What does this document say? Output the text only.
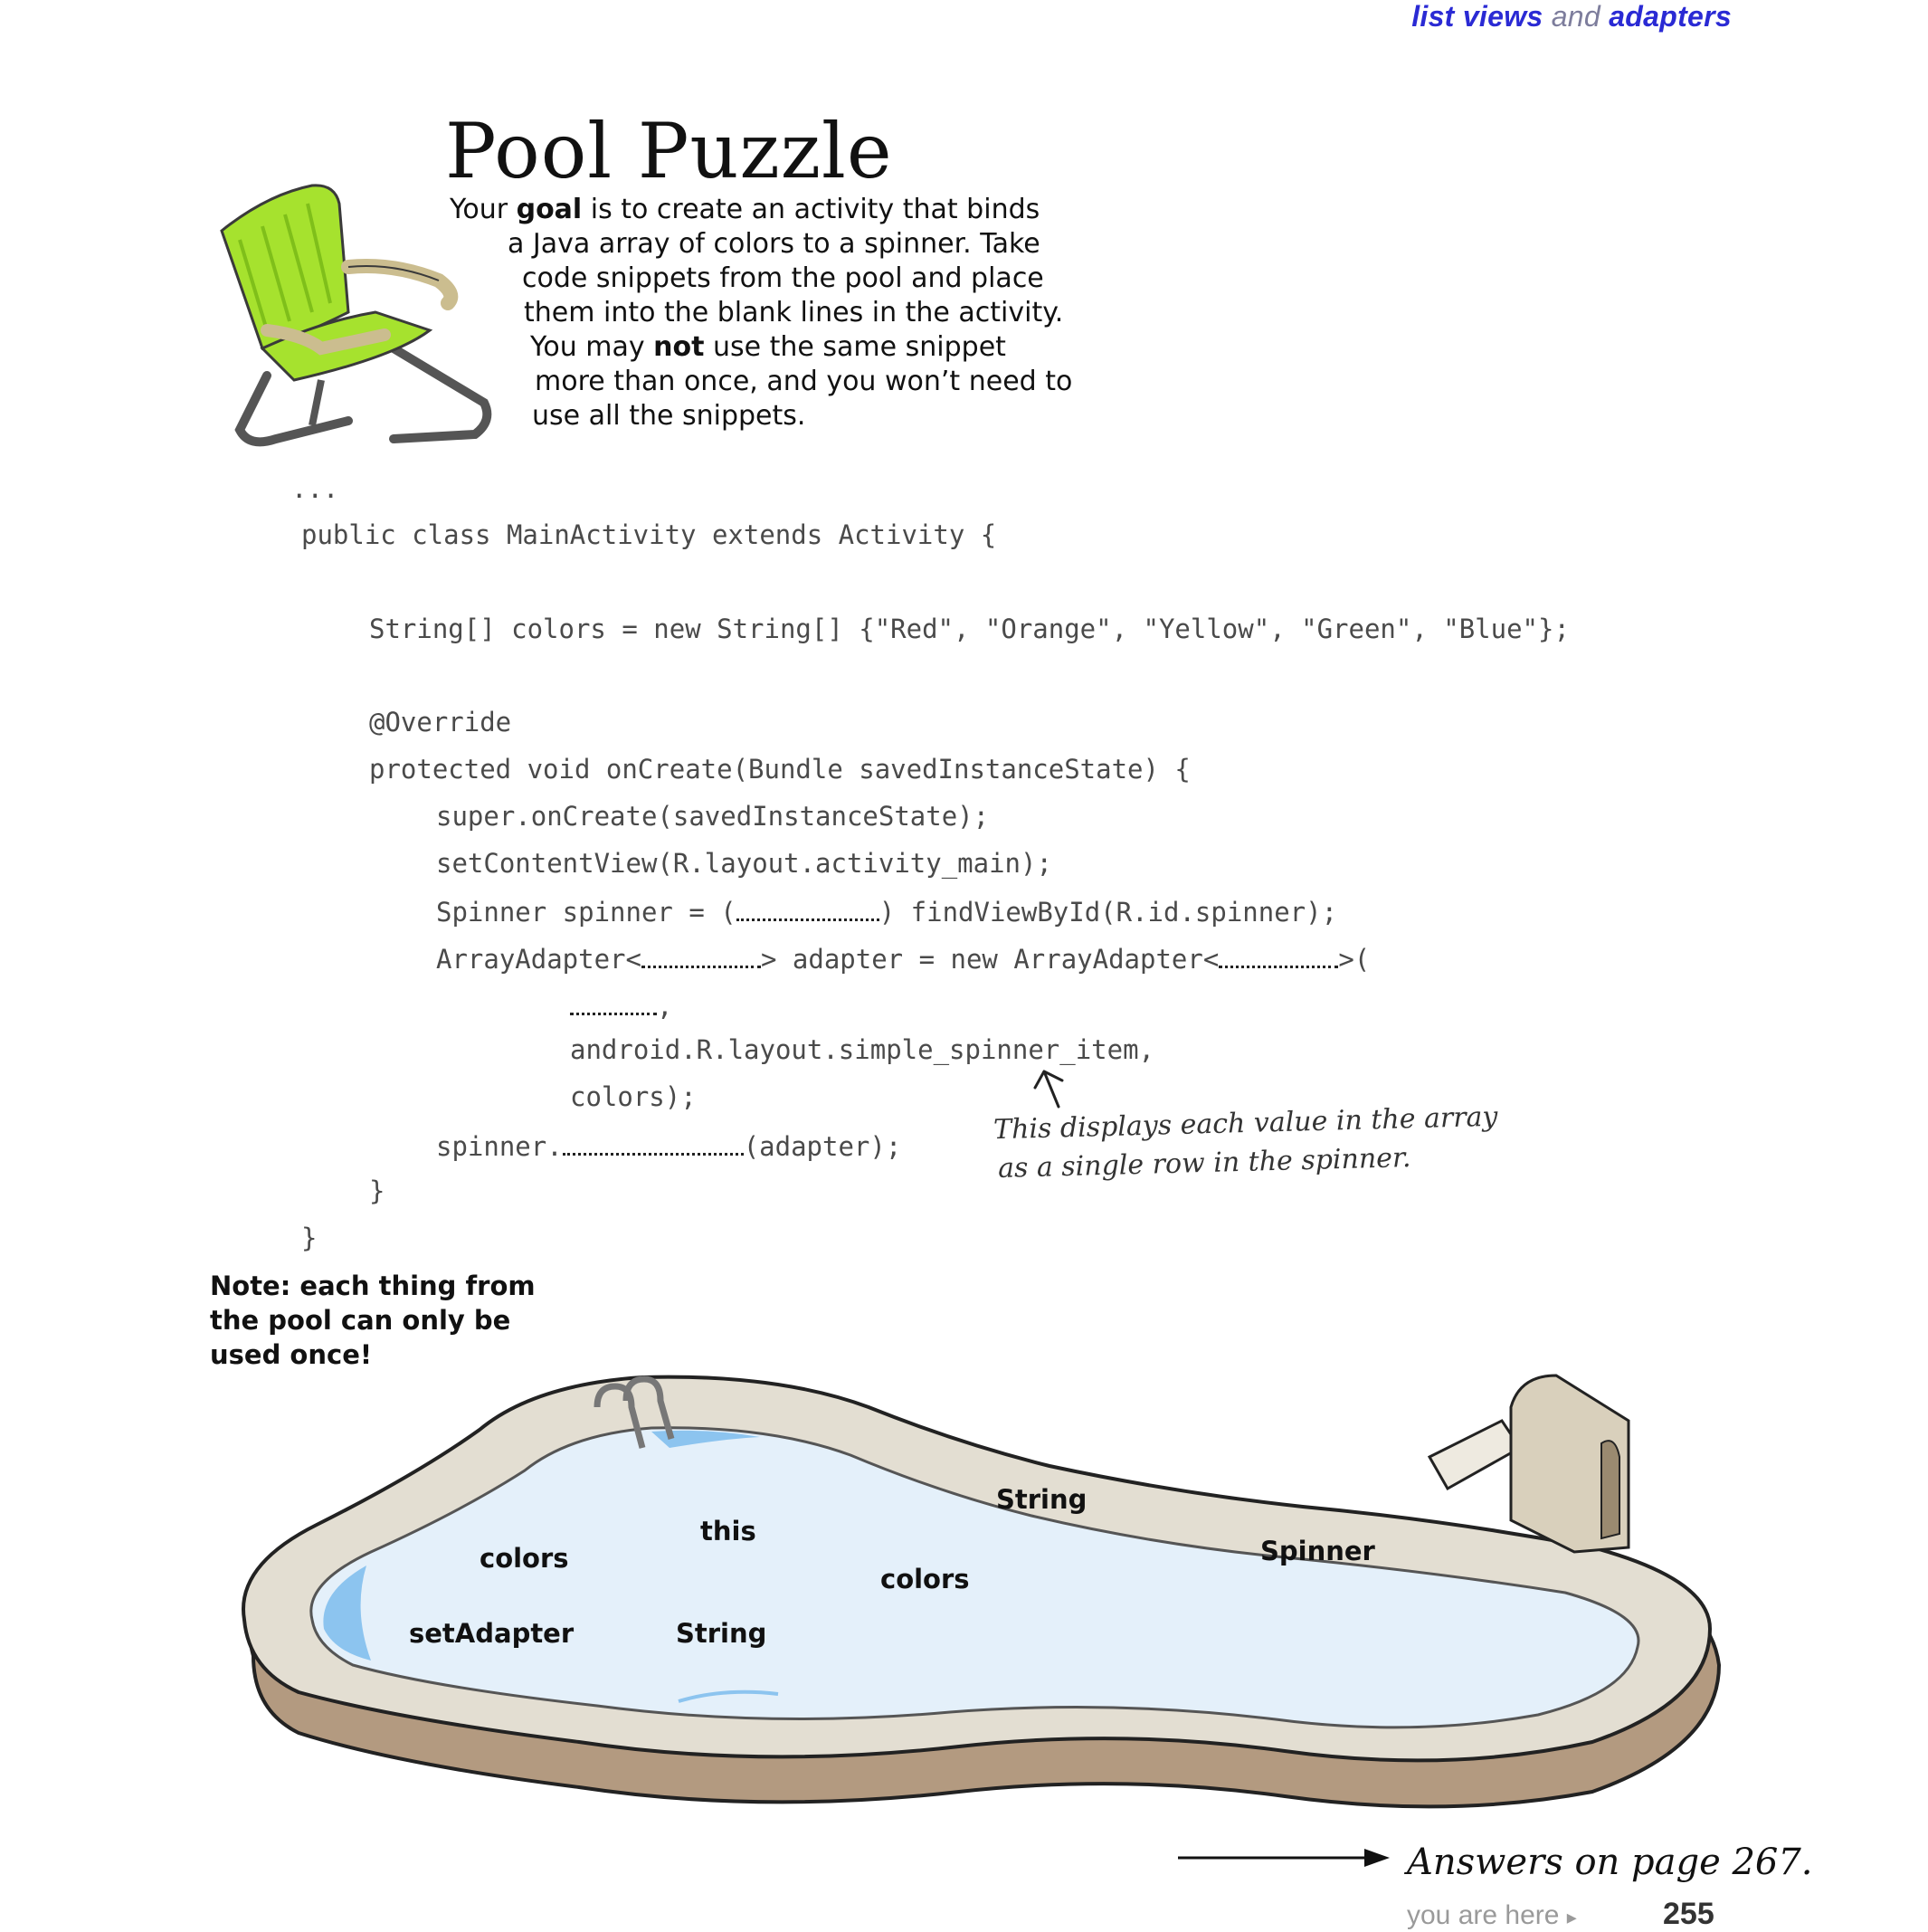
list views and adapters
Pool Puzzle
Your goal is to create an activity that binds
a Java array of colors to a spinner. Take
code snippets from the pool and place
them into the blank lines in the activity.
You may not use the same snippet
more than once, and you won’t need to
use all the snippets.
...
public class MainActivity extends Activity {
String[] colors = new String[] {"Red", "Orange", "Yellow", "Green", "Blue"};
@Override
protected void onCreate(Bundle savedInstanceState) {
super.onCreate(savedInstanceState);
setContentView(R.layout.activity_main);
Spinner spinner = (	) findViewById(R.id.spinner);
ArrayAdapter<	> adapter = new ArrayAdapter<	>(
,
android.R.layout.simple_spinner_item,
colors);
spinner.	(adapter);
}
}
This displays each value in the array
as a single row in the spinner.
Note: each thing from the pool can only be used once!
colors
setAdapter
this
String
colors
String
Spinner
Answers on page 267.
you are here ▸	255
